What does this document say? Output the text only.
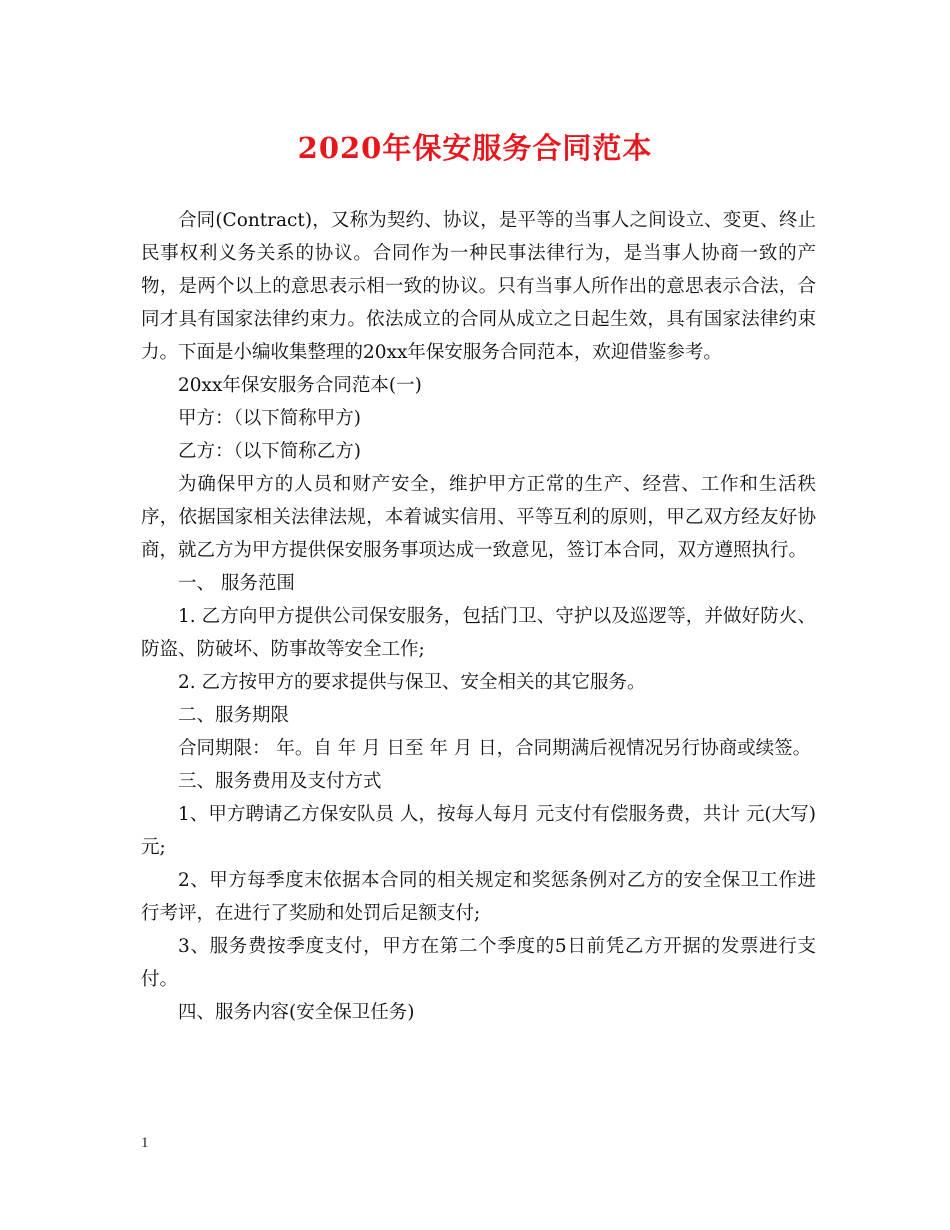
2020年保安服务合同范本

合同(Contract)，又称为契约、协议，是平等的当事人之间设立、变更、终止民事权利义务关系的协议。合同作为一种民事法律行为，是当事人协商一致的产物，是两个以上的意思表示相一致的协议。只有当事人所作出的意思表示合法，合同才具有国家法律约束力。依法成立的合同从成立之日起生效，具有国家法律约束力。下面是小编收集整理的20xx年保安服务合同范本，欢迎借鉴参考。

20xx年保安服务合同范本(一)

甲方：（以下简称甲方)

乙方：（以下简称乙方)

为确保甲方的人员和财产安全，维护甲方正常的生产、经营、工作和生活秩序，依据国家相关法律法规，本着诚实信用、平等互利的原则，甲乙双方经友好协商，就乙方为甲方提供保安服务事项达成一致意见，签订本合同，双方遵照执行。

一、 服务范围

1. 乙方向甲方提供公司保安服务，包括门卫、守护以及巡逻等，并做好防火、防盗、防破坏、防事故等安全工作;

2. 乙方按甲方的要求提供与保卫、安全相关的其它服务。

二、服务期限

合同期限： 年。自 年 月 日至 年 月 日，合同期满后视情况另行协商或续签。

三、服务费用及支付方式

1、甲方聘请乙方保安队员 人，按每人每月 元支付有偿服务费，共计 元(大写) 元;

2、甲方每季度末依据本合同的相关规定和奖惩条例对乙方的安全保卫工作进行考评，在进行了奖励和处罚后足额支付;

3、服务费按季度支付，甲方在第二个季度的5日前凭乙方开据的发票进行支付。

四、服务内容(安全保卫任务)

1
